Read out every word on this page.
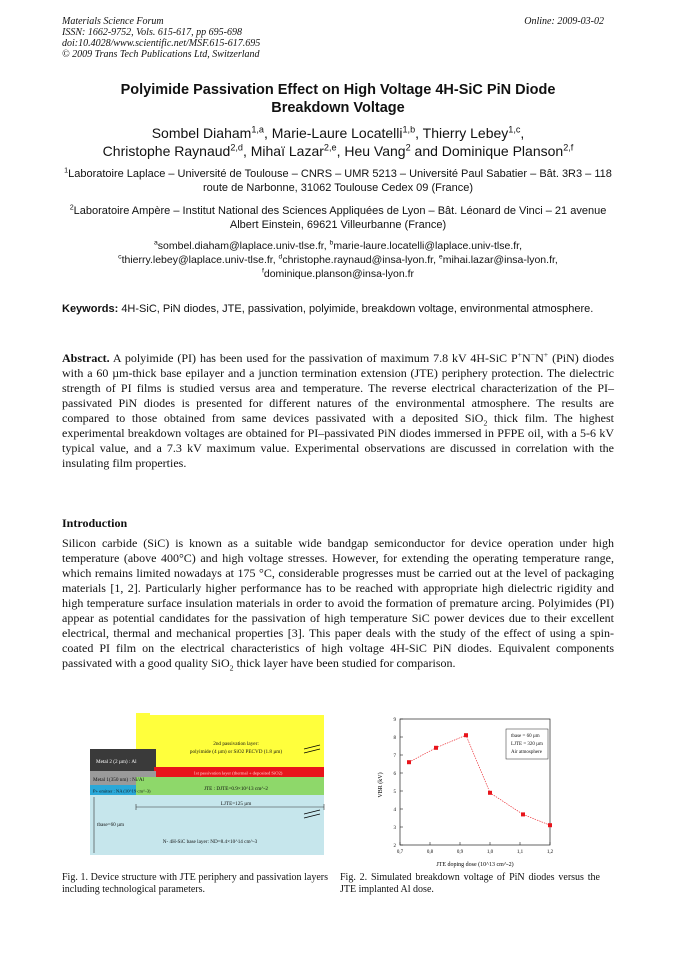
Materials Science Forum
ISSN: 1662-9752, Vols. 615-617, pp 695-698
doi:10.4028/www.scientific.net/MSF.615-617.695
© 2009 Trans Tech Publications Ltd, Switzerland
Online: 2009-03-02
Polyimide Passivation Effect on High Voltage 4H-SiC PiN Diode
Breakdown Voltage
Sombel Diaham$^{1,a}$, Marie-Laure Locatelli$^{1,b}$, Thierry Lebey$^{1,c}$,
Christophe Raynaud$^{2,d}$, Mihaï Lazar$^{2,e}$, Heu Vang$^2$ and Dominique Planson$^{2,f}$
$^1$Laboratoire Laplace – Université de Toulouse – CNRS – UMR 5213 – Université Paul Sabatier – Bât. 3R3 – 118 route de Narbonne, 31062 Toulouse Cedex 09 (France)
$^2$Laboratoire Ampère – Institut National des Sciences Appliquées de Lyon – Bât. Léonard de Vinci – 21 avenue Albert Einstein, 69621 Villeurbanne (France)
$^a$sombel.diaham@laplace.univ-tlse.fr, $^b$marie-laure.locatelli@laplace.univ-tlse.fr,
$^c$thierry.lebey@laplace.univ-tlse.fr, $^d$christophe.raynaud@insa-lyon.fr, $^e$mihai.lazar@insa-lyon.fr,
$^f$dominique.planson@insa-lyon.fr
Keywords: 4H-SiC, PiN diodes, JTE, passivation, polyimide, breakdown voltage, environmental atmosphere.
Abstract. A polyimide (PI) has been used for the passivation of maximum 7.8 kV 4H-SiC P+N−N+ (PiN) diodes with a 60 µm-thick base epilayer and a junction termination extension (JTE) periphery protection. The dielectric strength of PI films is studied versus area and temperature. The reverse electrical characterization of the PI–passivated PiN diodes is presented for different natures of the environmental atmosphere. The results are compared to those obtained from same devices passivated with a deposited SiO$_2$ thick film. The highest experimental breakdown voltages are obtained for PI–passivated PiN diodes immersed in PFPE oil, with a 5-6 kV typical value, and a 7.3 kV maximum value. Experimental observations are discussed in correlation with the insulating film properties.
Introduction
Silicon carbide (SiC) is known as a suitable wide bandgap semiconductor for device operation under high temperature (above 400°C) and high voltage stresses. However, for extending the operating temperature range, which remains limited nowadays at 175 °C, considerable progresses must be carried out at the level of packaging materials [1, 2]. Particularly higher performance has to be reached with appropriate high dielectric rigidity and high temperature surface insulation materials in order to avoid the formation of premature arcing. Polyimides (PI) appear as potential candidates for the passivation of high temperature SiC power devices due to their excellent electrical, thermal and mechanical properties [3]. This paper deals with the study of the effect of using a spin-coated PI film on the electrical characteristics of high voltage 4H-SiC PiN diodes. Equivalent components passivated with a good quality SiO$_2$ thick layer have been studied for comparison.
Metal 2 (2 µm) : Al
2nd passivation layer:
polyimide (4 µm) or SiO2 PECVD (1.8 µm)
Metal 1(350 nm) : Ni/Al
1st passivation layer (thermal + deposited SiO2)
P+ emitter : NA (10^19 cm^-3)	JTE : DJTE=0.9×10^13 cm^-2
LJTE=125 µm
tbase=60 µm
N- 4H-SiC base layer: ND=8.4×10^14 cm^-3
0,7	0,8	0,9	1,0	1,1	1,2
2
3
4
5
6
7
8
9
tbase = 60 µm
LJTE = 320 µm
Air atmosphere
JTE doping dose (10^13 cm^-2)
VBR (kV)
Fig. 1. Device structure with JTE periphery and passivation layers including technological parameters.
Fig. 2. Simulated breakdown voltage of PiN diodes versus the JTE implanted Al dose.
